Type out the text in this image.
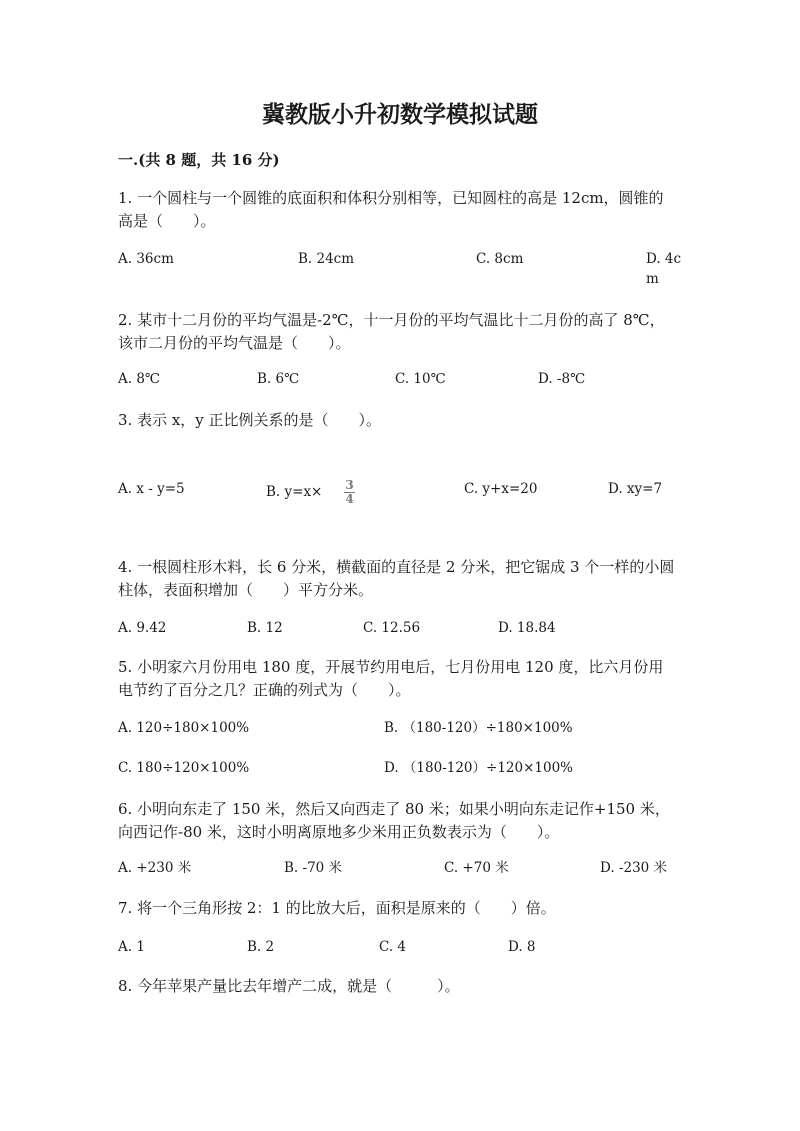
冀教版小升初数学模拟试题
一.(共 8 题，共 16 分)
1. 一个圆柱与一个圆锥的底面积和体积分别相等，已知圆柱的高是 12cm，圆锥的高是（　　）。
2. 某市十二月份的平均气温是-2℃，十一月份的平均气温比十二月份的高了 8℃，该市二月份的平均气温是（　　）。
3. 表示 x，y 正比例关系的是（　　）。
4. 一根圆柱形木料，长 6 分米，横截面的直径是 2 分米，把它锯成 3 个一样的小圆柱体，表面积增加（　　）平方分米。
5. 小明家六月份用电 180 度，开展节约用电后，七月份用电 120 度，比六月份用电节约了百分之几？正确的列式为（　　）。
6. 小明向东走了 150 米，然后又向西走了 80 米；如果小明向东走记作+150 米，向西记作-80 米，这时小明离原地多少米用正负数表示为（　　）。
7. 将一个三角形按 2：1 的比放大后，面积是原来的（　　）倍。
8. 今年苹果产量比去年增产二成，就是（　　　）。
A. 36cm	B. 24cm	C. 8cm	D. 4cm
A. 8℃	B. 6℃	C. 10℃	D. -8℃
A. x - y=5	B. $y=x\times \frac{3}{4}$	C. y+x=20	D. xy=7
A. 9.42	B. 12	C. 12.56	D. 18.84
A. 120÷180×100%	B. （180-120）÷180×100%
C. 180÷120×100%	D. （180-120）÷120×100%
A. +230 米	B. -70 米	C. +70 米	D. -230 米
A. 1	B. 2	C. 4	D. 8
